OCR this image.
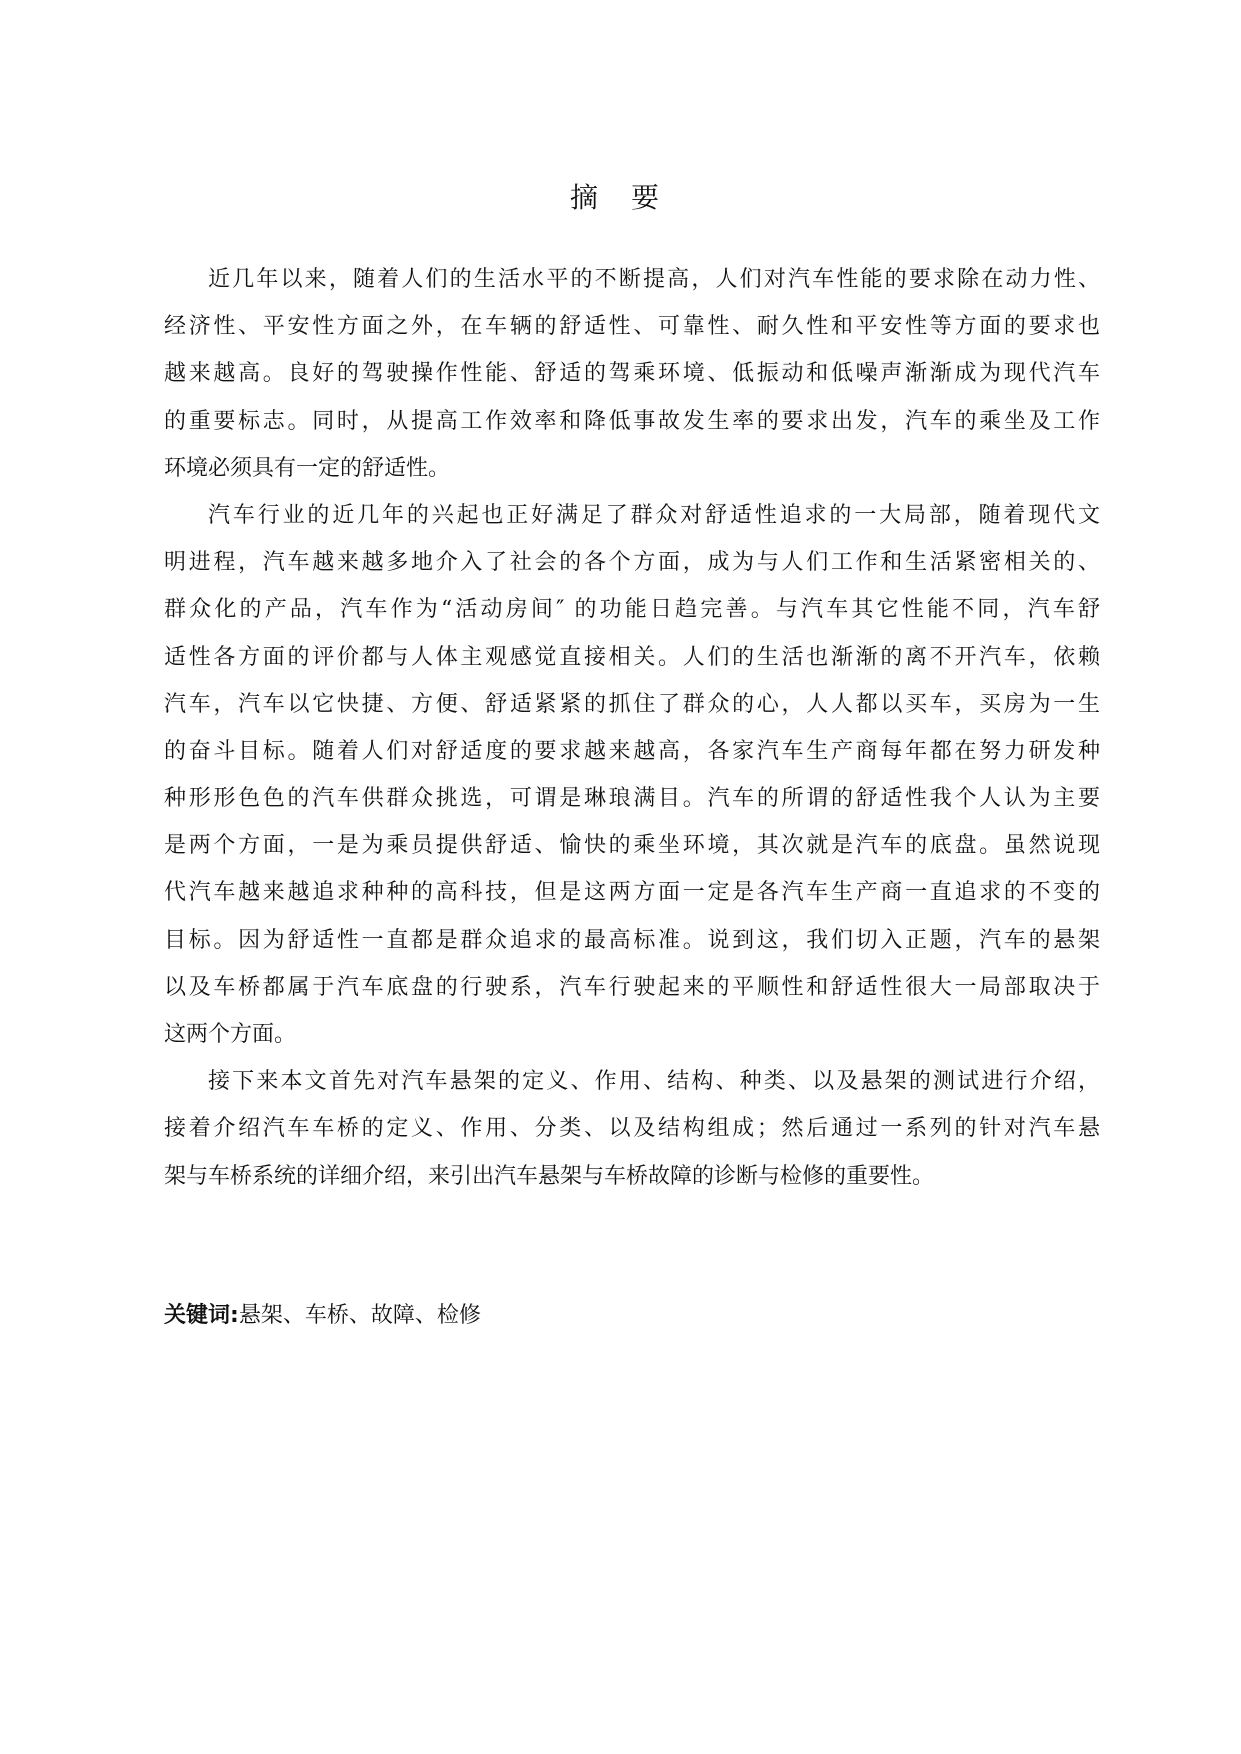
摘 要
近几年以来，随着人们的生活水平的不断提高，人们对汽车性能的要求除在动力性、
经济性、平安性方面之外，在车辆的舒适性、可靠性、耐久性和平安性等方面的要求也
越来越高。良好的驾驶操作性能、舒适的驾乘环境、低振动和低噪声渐渐成为现代汽车
的重要标志。同时，从提高工作效率和降低事故发生率的要求出发，汽车的乘坐及工作
环境必须具有一定的舒适性。
汽车行业的近几年的兴起也正好满足了群众对舒适性追求的一大局部，随着现代文
明进程，汽车越来越多地介入了社会的各个方面，成为与人们工作和生活紧密相关的、
群众化的产品，汽车作为“活动房间″ 的功能日趋完善。与汽车其它性能不同，汽车舒
适性各方面的评价都与人体主观感觉直接相关。人们的生活也渐渐的离不开汽车，依赖
汽车，汽车以它快捷、方便、舒适紧紧的抓住了群众的心，人人都以买车，买房为一生
的奋斗目标。随着人们对舒适度的要求越来越高，各家汽车生产商每年都在努力研发种
种形形色色的汽车供群众挑选，可谓是琳琅满目。汽车的所谓的舒适性我个人认为主要
是两个方面，一是为乘员提供舒适、愉快的乘坐环境，其次就是汽车的底盘。虽然说现
代汽车越来越追求种种的高科技，但是这两方面一定是各汽车生产商一直追求的不变的
目标。因为舒适性一直都是群众追求的最高标准。说到这，我们切入正题，汽车的悬架
以及车桥都属于汽车底盘的行驶系，汽车行驶起来的平顺性和舒适性很大一局部取决于
这两个方面。
接下来本文首先对汽车悬架的定义、作用、结构、种类、以及悬架的测试进行介绍，
接着介绍汽车车桥的定义、作用、分类、以及结构组成；然后通过一系列的针对汽车悬
架与车桥系统的详细介绍，来引出汽车悬架与车桥故障的诊断与检修的重要性。
关键词:悬架、车桥、故障、检修
